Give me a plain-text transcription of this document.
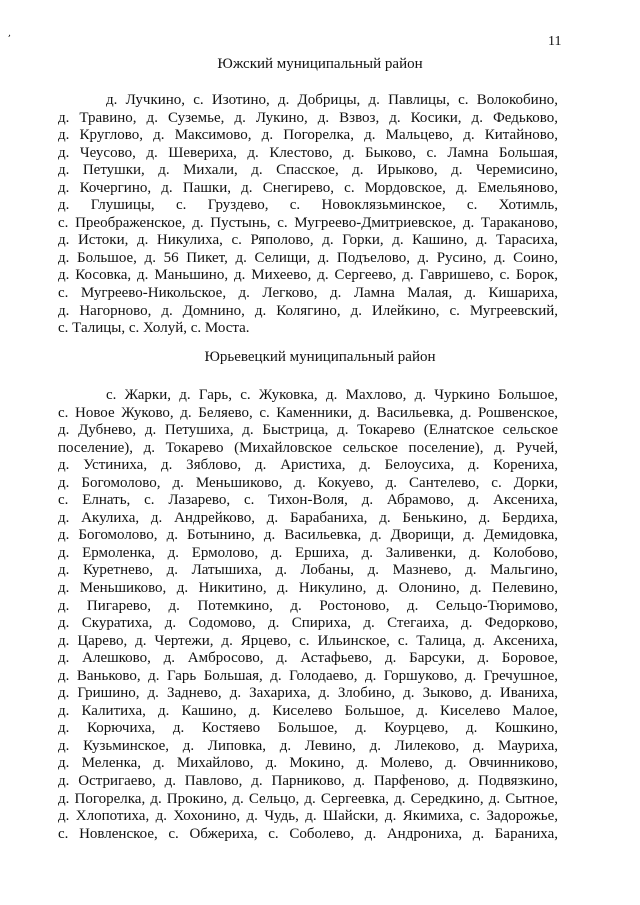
,
11
Южский муниципальный район
д. Лучкино, с. Изотино, д. Добрицы, д. Павлицы, с. Волокобино,
д. Травино, д. Суземье, д. Лукино, д. Взвоз, д. Косики, д. Федьково,
д. Круглово, д. Максимово, д. Погорелка, д. Мальцево, д. Китайново,
д. Чеусово, д. Шевериха, д. Клестово, д. Быково, с. Ламна Большая,
д. Петушки, д. Михали, д. Спасское, д. Ирыково, д. Черемисино,
д. Кочергино, д. Пашки, д. Снегирево, с. Мордовское, д. Емельяново,
д. Глушицы, с. Груздево, с. Новоклязьминское, с. Хотимль,
с. Преображенское, д. Пустынь, с. Мугреево-Дмитриевское, д. Тараканово,
д. Истоки, д. Никулиха, с. Ряполово, д. Горки, д. Кашино, д. Тарасиха,
д. Большое, д. 56 Пикет, д. Селищи, д. Подъелово, д. Русино, д. Соино,
д. Косовка, д. Маньшино, д. Михеево, д. Сергеево, д. Гавришево, с. Борок,
с. Мугреево-Никольское, д. Легково, д. Ламна Малая, д. Кишариха,
д. Нагорново, д. Домнино, д. Колягино, д. Илейкино, с. Мугреевский,
с. Талицы, с. Холуй, с. Моста.
Юрьевецкий муниципальный район
с. Жарки, д. Гарь, с. Жуковка, д. Махлово, д. Чуркино Большое,
с. Новое Жуково, д. Беляево, с. Каменники, д. Васильевка, д. Рошвенское,
д. Дубнево, д. Петушиха, д. Быстрица, д. Токарево (Елнатское сельское
поселение), д. Токарево (Михайловское сельское поселение), д. Ручей,
д. Устиниха, д. Зяблово, д. Аристиха, д. Белоусиха, д. Корениха,
д. Богомолово, д. Меньшиково, д. Кокуево, д. Сантелево, с. Дорки,
с. Елнать, с. Лазарево, с. Тихон-Воля, д. Абрамово, д. Аксениха,
д. Акулиха, д. Андрейково, д. Барабаниха, д. Бенькино, д. Бердиха,
д. Богомолово, д. Ботынино, д. Васильевка, д. Дворищи, д. Демидовка,
д. Ермоленка, д. Ермолово, д. Ершиха, д. Заливенки, д. Колобово,
д. Куретнево, д. Латышиха, д. Лобаны, д. Мазнево, д. Мальгино,
д. Меньшиково, д. Никитино, д. Никулино, д. Олонино, д. Пелевино,
д. Пигарево, д. Потемкино, д. Ростоново, д. Сельцо-Тюримово,
д. Скуратиха, д. Содомово, д. Спириха, д. Стегаиха, д. Федорково,
д. Царево, д. Чертежи, д. Ярцево, с. Ильинское, с. Талица, д. Аксениха,
д. Алешково, д. Амбросово, д. Астафьево, д. Барсуки, д. Боровое,
д. Ваньково, д. Гарь Большая, д. Голодаево, д. Горшуково, д. Гречушное,
д. Гришино, д. Заднево, д. Захариха, д. Злобино, д. Зыково, д. Иваниха,
д. Калитиха, д. Кашино, д. Киселево Большое, д. Киселево Малое,
д. Корючиха, д. Костяево Большое, д. Коурцево, д. Кошкино,
д. Кузьминское, д. Липовка, д. Левино, д. Лилеково, д. Мауриха,
д. Меленка, д. Михайлово, д. Мокино, д. Молево, д. Овчинниково,
д. Остригаево, д. Павлово, д. Парниково, д. Парфеново, д. Подвязкино,
д. Погорелка, д. Прокино, д. Сельцо, д. Сергеевка, д. Середкино, д. Сытное,
д. Хлопотиха, д. Хохонино, д. Чудь, д. Шайски, д. Якимиха, с. Задорожье,
с. Новленское, с. Обжериха, с. Соболево, д. Андрониха, д. Бараниха,
